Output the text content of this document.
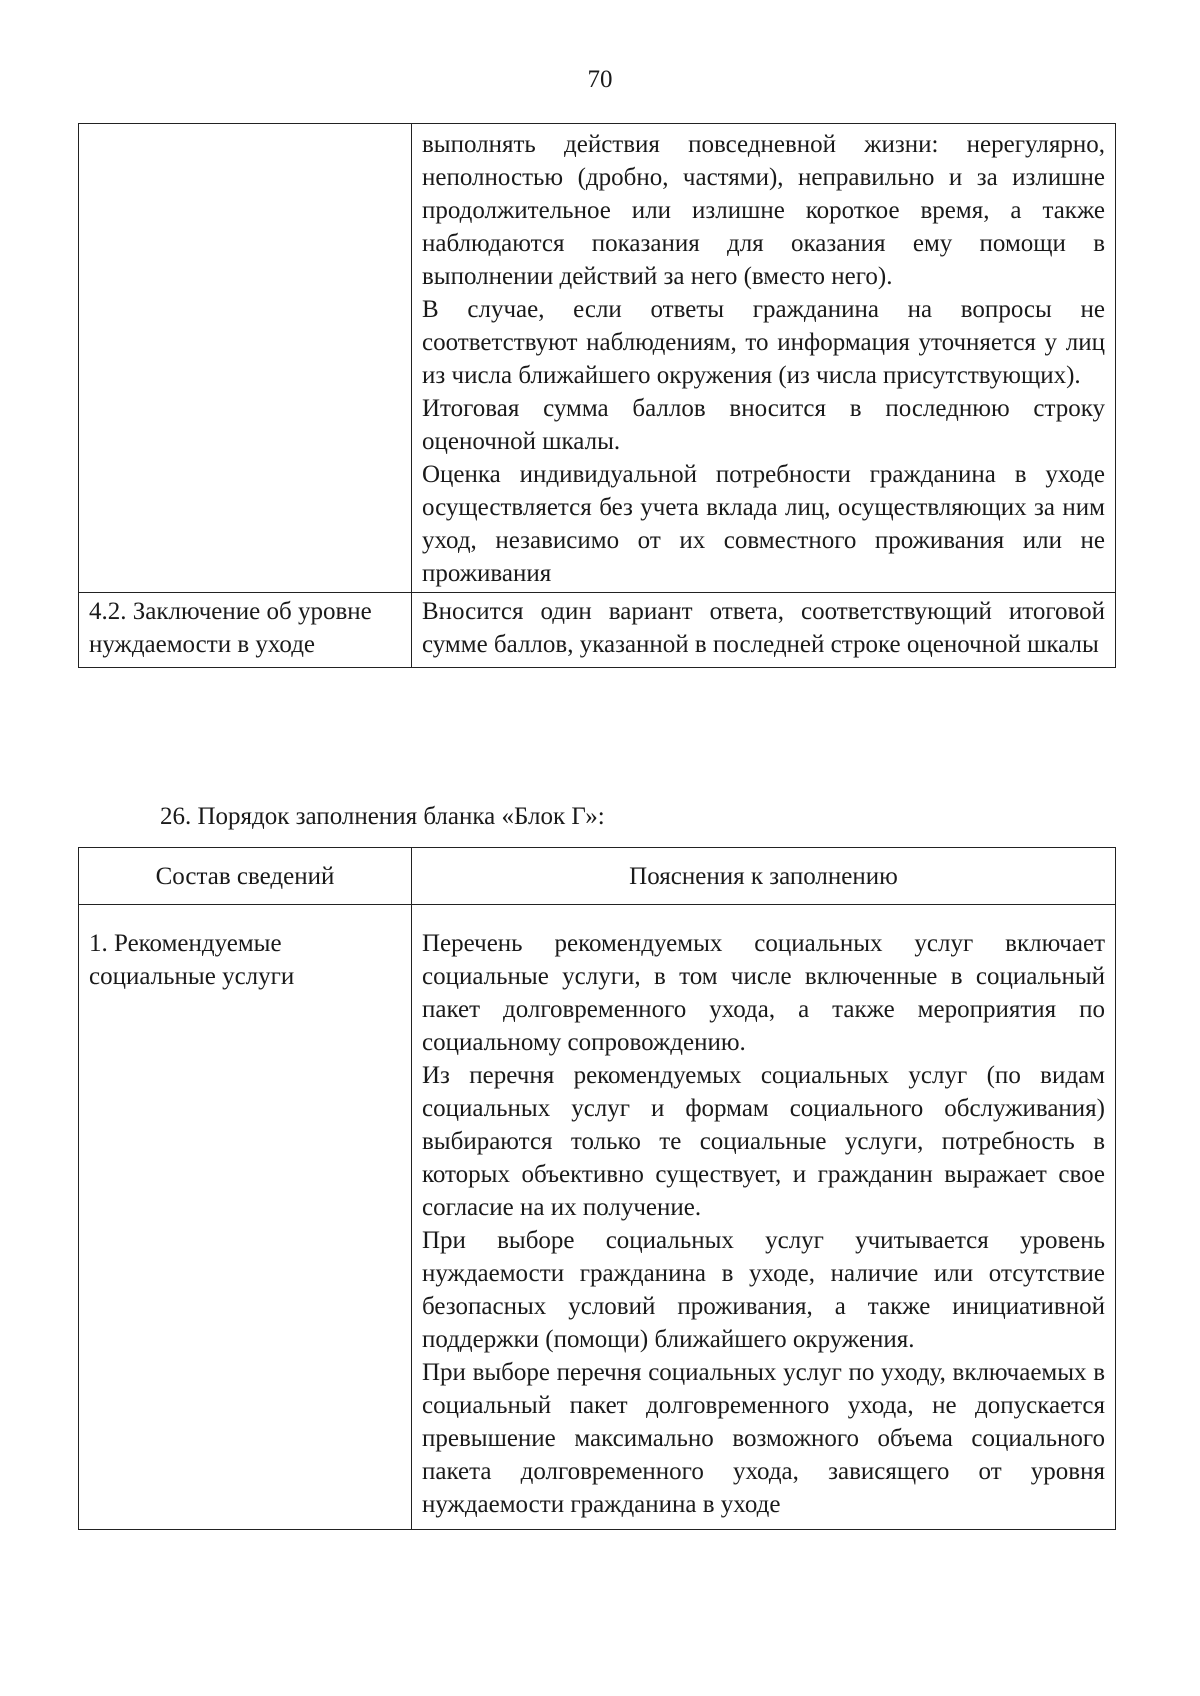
70

	выполнять действия повседневной жизни: нерегулярно, неполностью (дробно, частями), неправильно и за излишне продолжительное или излишне короткое время, а также наблюдаются показания для оказания ему помощи в выполнении действий за него (вместо него).

В случае, если ответы гражданина на вопросы не соответствуют наблюдениям, то информация уточняется у лиц из числа ближайшего окружения (из числа присутствующих).

Итоговая сумма баллов вносится в последнюю строку оценочной шкалы.

Оценка индивидуальной потребности гражданина в уходе осуществляется без учета вклада лиц, осуществляющих за ним уход, независимо от их совместного проживания или не проживания

4.2. Заключение об уровне нуждаемости в уходе	Вносится один вариант ответа, соответствующий итоговой сумме баллов, указанной в последней строке оценочной шкалы

26. Порядок заполнения бланка «Блок Г»:
Состав сведений	Пояснения к заполнению
1. Рекомендуемые социальные услуги	Перечень рекомендуемых социальных услуг включает социальные услуги, в том числе включенные в социальный пакет долговременного ухода, а также мероприятия по социальному сопровождению.

Из перечня рекомендуемых социальных услуг (по видам социальных услуг и формам социального обслуживания) выбираются только те социальные услуги, потребность в которых объективно существует, и гражданин выражает свое согласие на их получение.

При выборе социальных услуг учитывается уровень нуждаемости гражданина в уходе, наличие или отсутствие безопасных условий проживания, а также инициативной поддержки (помощи) ближайшего окружения.

При выборе перечня социальных услуг по уходу, включаемых в социальный пакет долговременного ухода, не допускается превышение максимально возможного объема социального пакета долговременного ухода, зависящего от уровня нуждаемости гражданина в уходе
